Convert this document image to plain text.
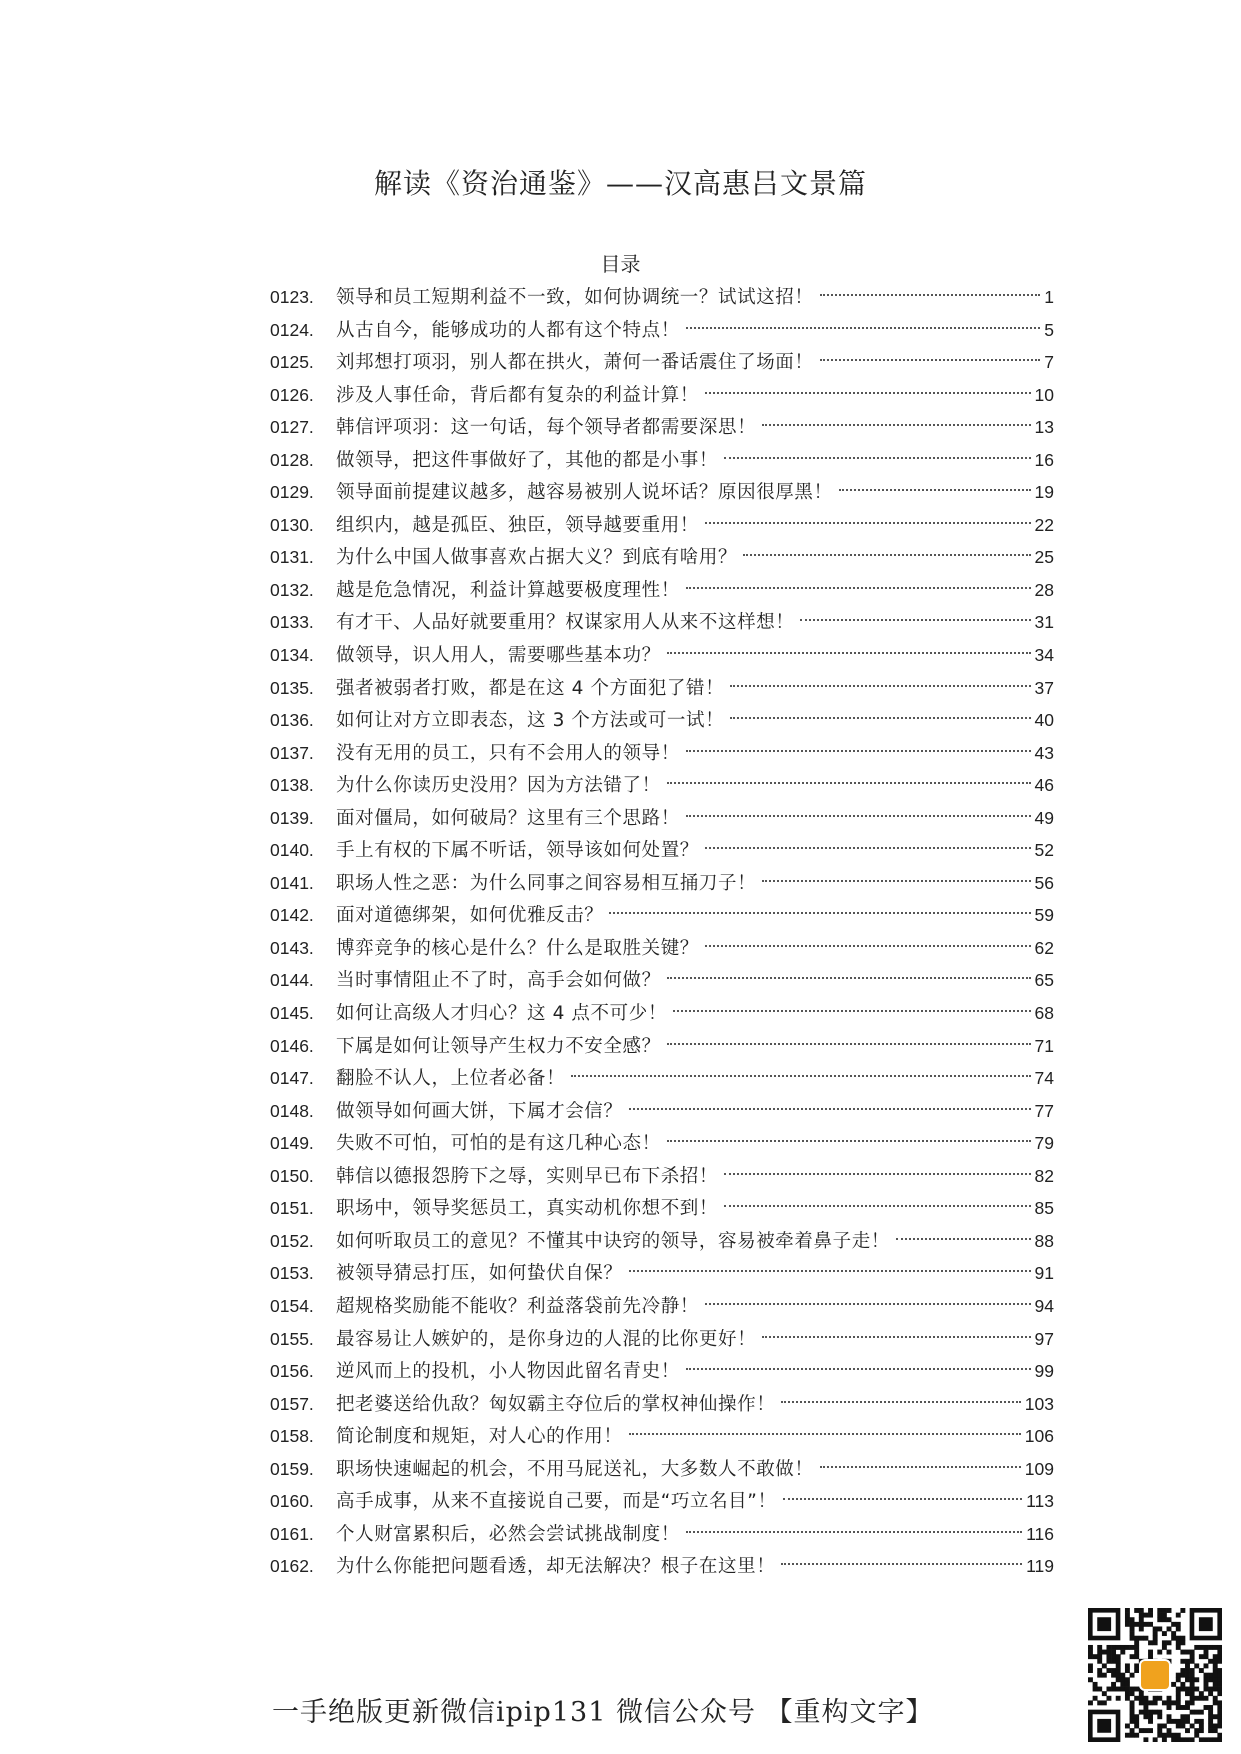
解读《资治通鉴》——汉高惠吕文景篇
目录
0123.	领导和员工短期利益不一致，如何协调统一？试试这招！	1
0124.	从古自今，能够成功的人都有这个特点！	5
0125.	刘邦想打项羽，别人都在拱火，萧何一番话震住了场面！	7
0126.	涉及人事任命，背后都有复杂的利益计算！	10
0127.	韩信评项羽：这一句话，每个领导者都需要深思！	13
0128.	做领导，把这件事做好了，其他的都是小事！	16
0129.	领导面前提建议越多，越容易被别人说坏话？原因很厚黑！	19
0130.	组织内，越是孤臣、独臣，领导越要重用！	22
0131.	为什么中国人做事喜欢占据大义？到底有啥用？	25
0132.	越是危急情况，利益计算越要极度理性！	28
0133.	有才干、人品好就要重用？权谋家用人从来不这样想！	31
0134.	做领导，识人用人，需要哪些基本功？	34
0135.	强者被弱者打败，都是在这 4 个方面犯了错！	37
0136.	如何让对方立即表态，这 3 个方法或可一试！	40
0137.	没有无用的员工，只有不会用人的领导！	43
0138.	为什么你读历史没用？因为方法错了！	46
0139.	面对僵局，如何破局？这里有三个思路！	49
0140.	手上有权的下属不听话，领导该如何处置？	52
0141.	职场人性之恶：为什么同事之间容易相互捅刀子！	56
0142.	面对道德绑架，如何优雅反击？	59
0143.	博弈竞争的核心是什么？什么是取胜关键？	62
0144.	当时事情阻止不了时，高手会如何做？	65
0145.	如何让高级人才归心？这 4 点不可少！	68
0146.	下属是如何让领导产生权力不安全感？	71
0147.	翻脸不认人，上位者必备！	74
0148.	做领导如何画大饼，下属才会信？	77
0149.	失败不可怕，可怕的是有这几种心态！	79
0150.	韩信以德报怨胯下之辱，实则早已布下杀招！	82
0151.	职场中，领导奖惩员工，真实动机你想不到！	85
0152.	如何听取员工的意见？不懂其中诀窍的领导，容易被牵着鼻子走！	88
0153.	被领导猜忌打压，如何蛰伏自保？	91
0154.	超规格奖励能不能收？利益落袋前先冷静！	94
0155.	最容易让人嫉妒的，是你身边的人混的比你更好！	97
0156.	逆风而上的投机，小人物因此留名青史！	99
0157.	把老婆送给仇敌？匈奴霸主夺位后的掌权神仙操作！	103
0158.	简论制度和规矩，对人心的作用！	106
0159.	职场快速崛起的机会，不用马屁送礼，大多数人不敢做！	109
0160.	高手成事，从来不直接说自己要，而是“巧立名目”！	113
0161.	个人财富累积后，必然会尝试挑战制度！	116
0162.	为什么你能把问题看透，却无法解决？根子在这里！	119
一手绝版更新微信ipip131 微信公众号 【重构文字】
